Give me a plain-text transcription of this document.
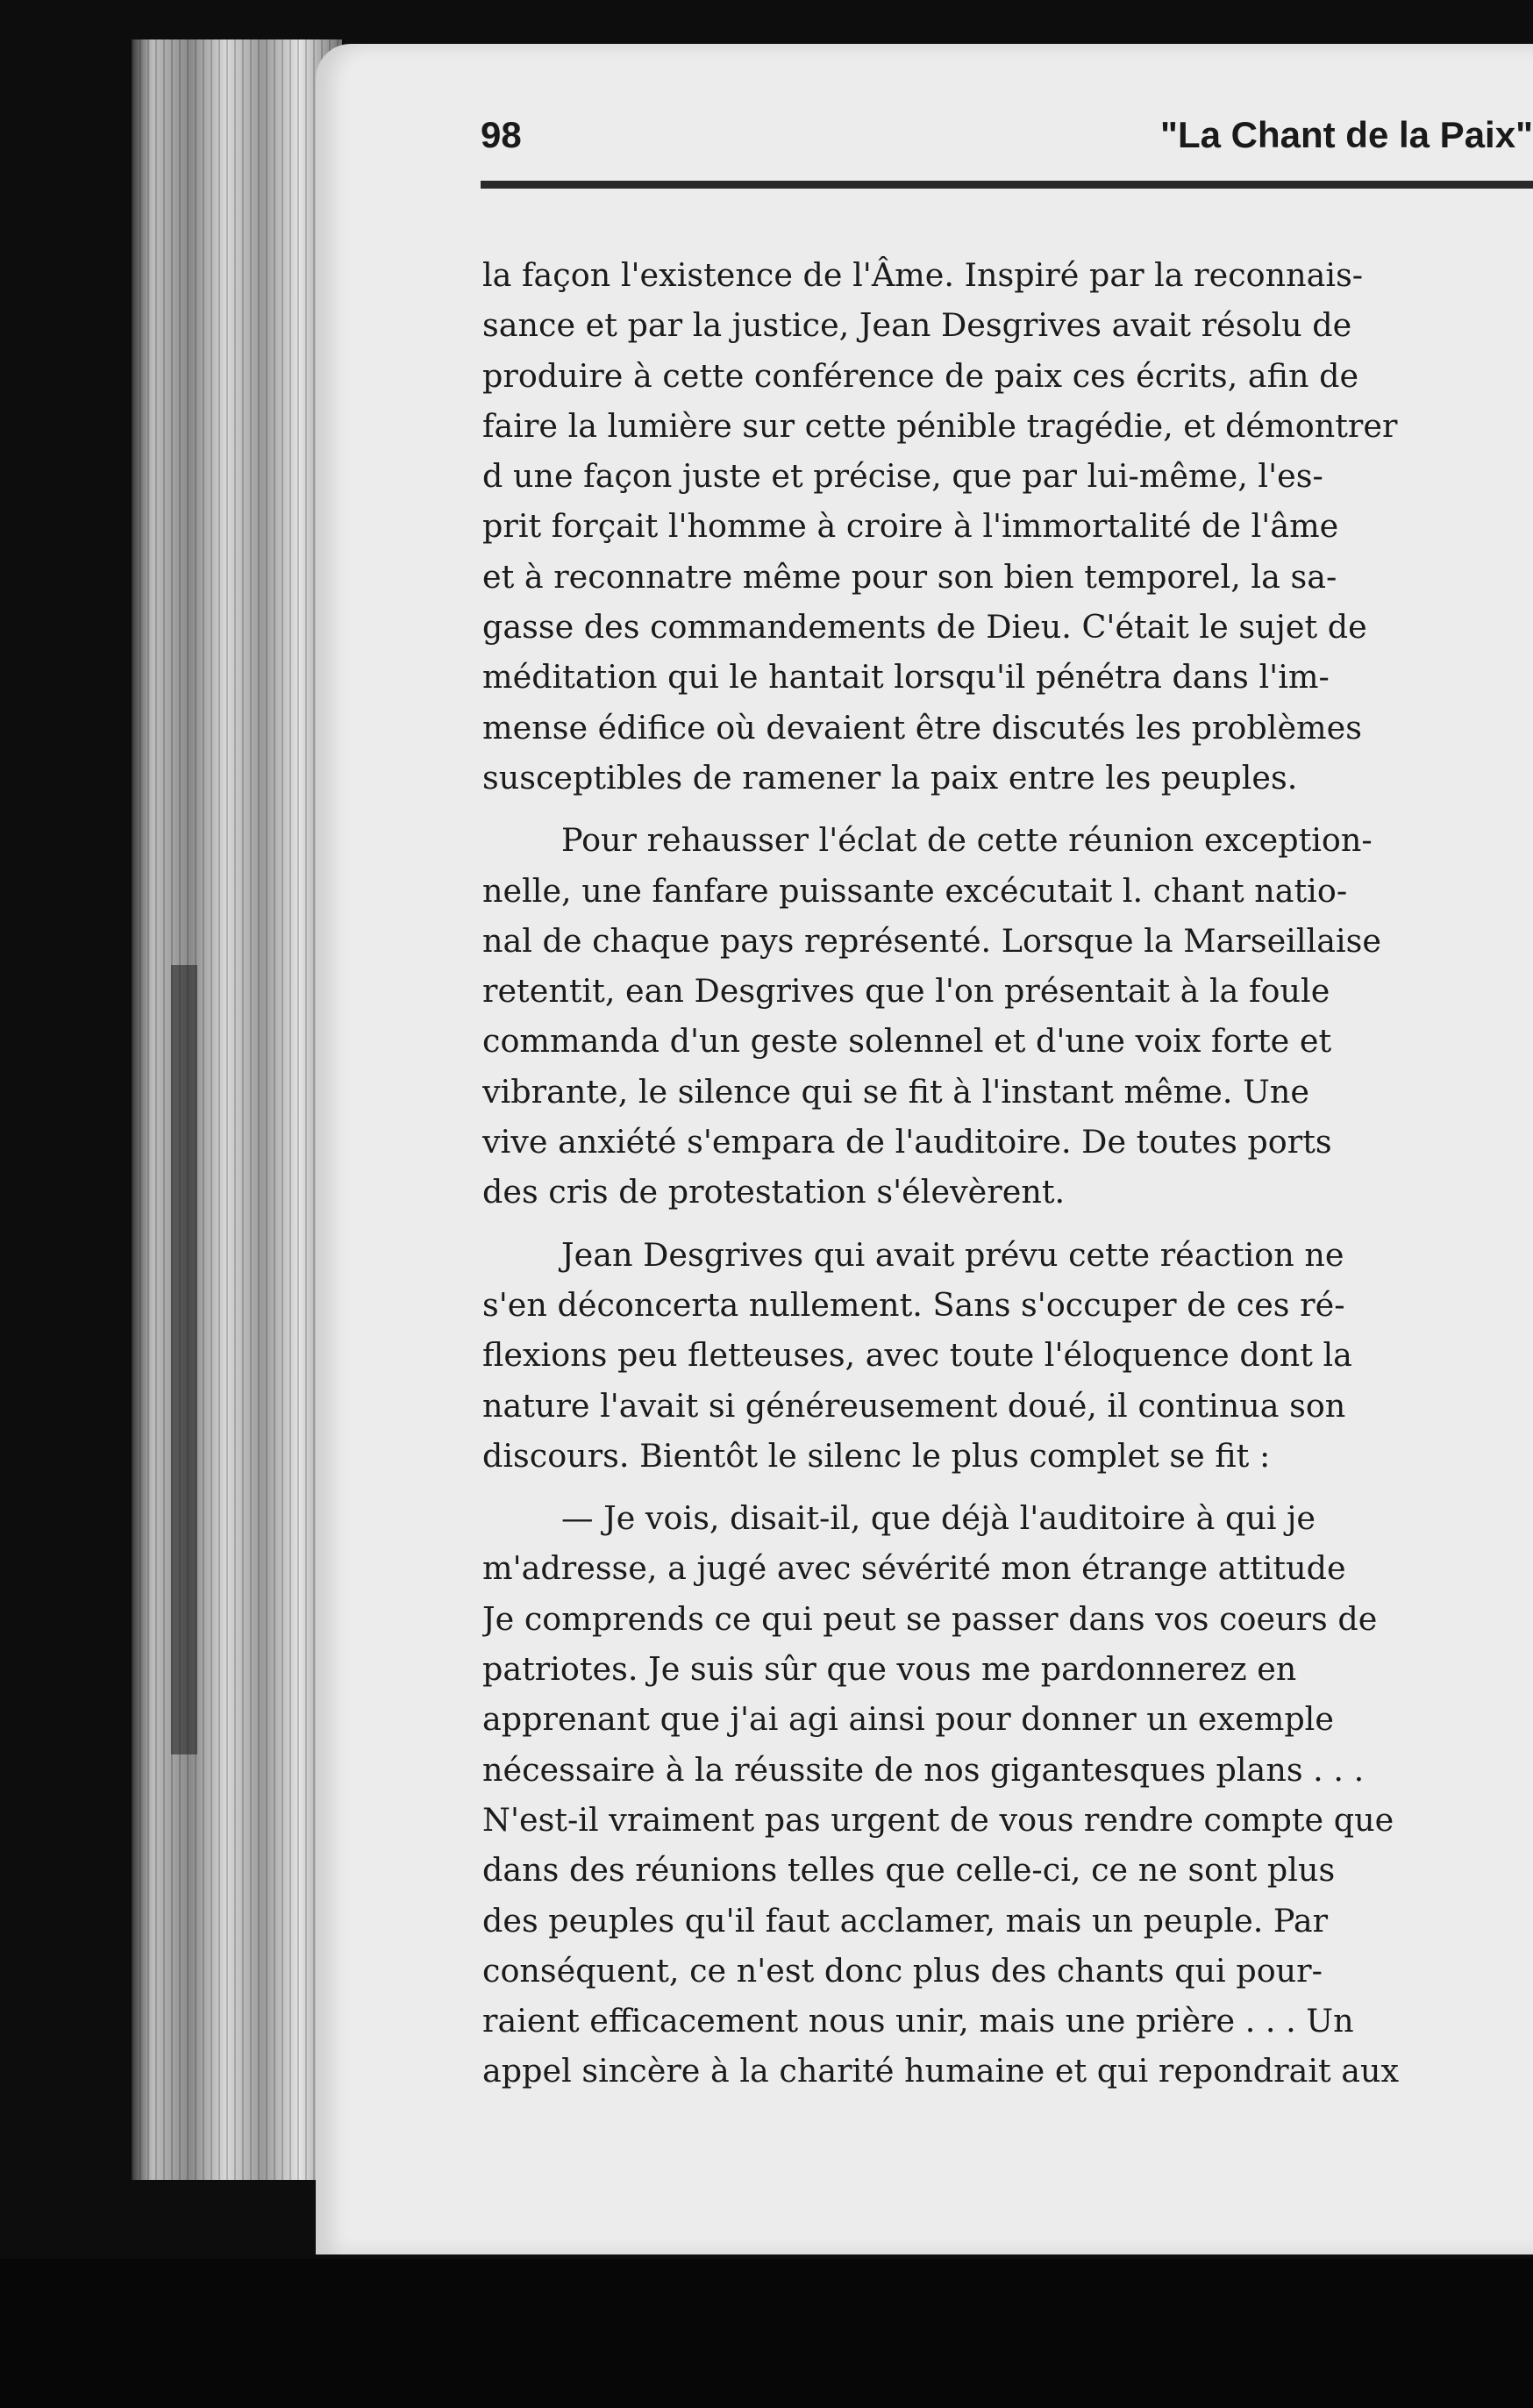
98	"La Chant de la Paix"
la façon l'existence de l'Âme. Inspiré par la reconnais-
sance et par la justice, Jean Desgrives avait résolu de
produire à cette conférence de paix ces écrits, afin de
faire la lumière sur cette pénible tragédie, et démontrer
d une façon juste et précise, que par lui-même, l'es-
prit forçait l'homme à croire à l'immortalité de l'âme
et à reconnatre même pour son bien temporel, la sa-
gasse des commandements de Dieu. C'était le sujet de
méditation qui le hantait lorsqu'il pénétra dans l'im-
mense édifice où devaient être discutés les problèmes
susceptibles de ramener la paix entre les peuples.
Pour rehausser l'éclat de cette réunion exception-
nelle, une fanfare puissante excécutait l. chant natio-
nal de chaque pays représenté. Lorsque la Marseillaise
retentit, ean Desgrives que l'on présentait à la foule
commanda d'un geste solennel et d'une voix forte et
vibrante, le silence qui se fit à l'instant même. Une
vive anxiété s'empara de l'auditoire. De toutes ports
des cris de protestation s'élevèrent.
Jean Desgrives qui avait prévu cette réaction ne
s'en déconcerta nullement. Sans s'occuper de ces ré-
flexions peu fletteuses, avec toute l'éloquence dont la
nature l'avait si généreusement doué, il continua son
discours. Bientôt le silenc le plus complet se fit :
— Je vois, disait-il, que déjà l'auditoire à qui je
m'adresse, a jugé avec sévérité mon étrange attitude
Je comprends ce qui peut se passer dans vos coeurs de
patriotes. Je suis sûr que vous me pardonnerez en
apprenant que j'ai agi ainsi pour donner un exemple
nécessaire à la réussite de nos gigantesques plans . . .
N'est-il vraiment pas urgent de vous rendre compte que
dans des réunions telles que celle-ci, ce ne sont plus
des peuples qu'il faut acclamer, mais un peuple. Par
conséquent, ce n'est donc plus des chants qui pour-
raient efficacement nous unir, mais une prière . . . Un
appel sincère à la charité humaine et qui repondrait aux
